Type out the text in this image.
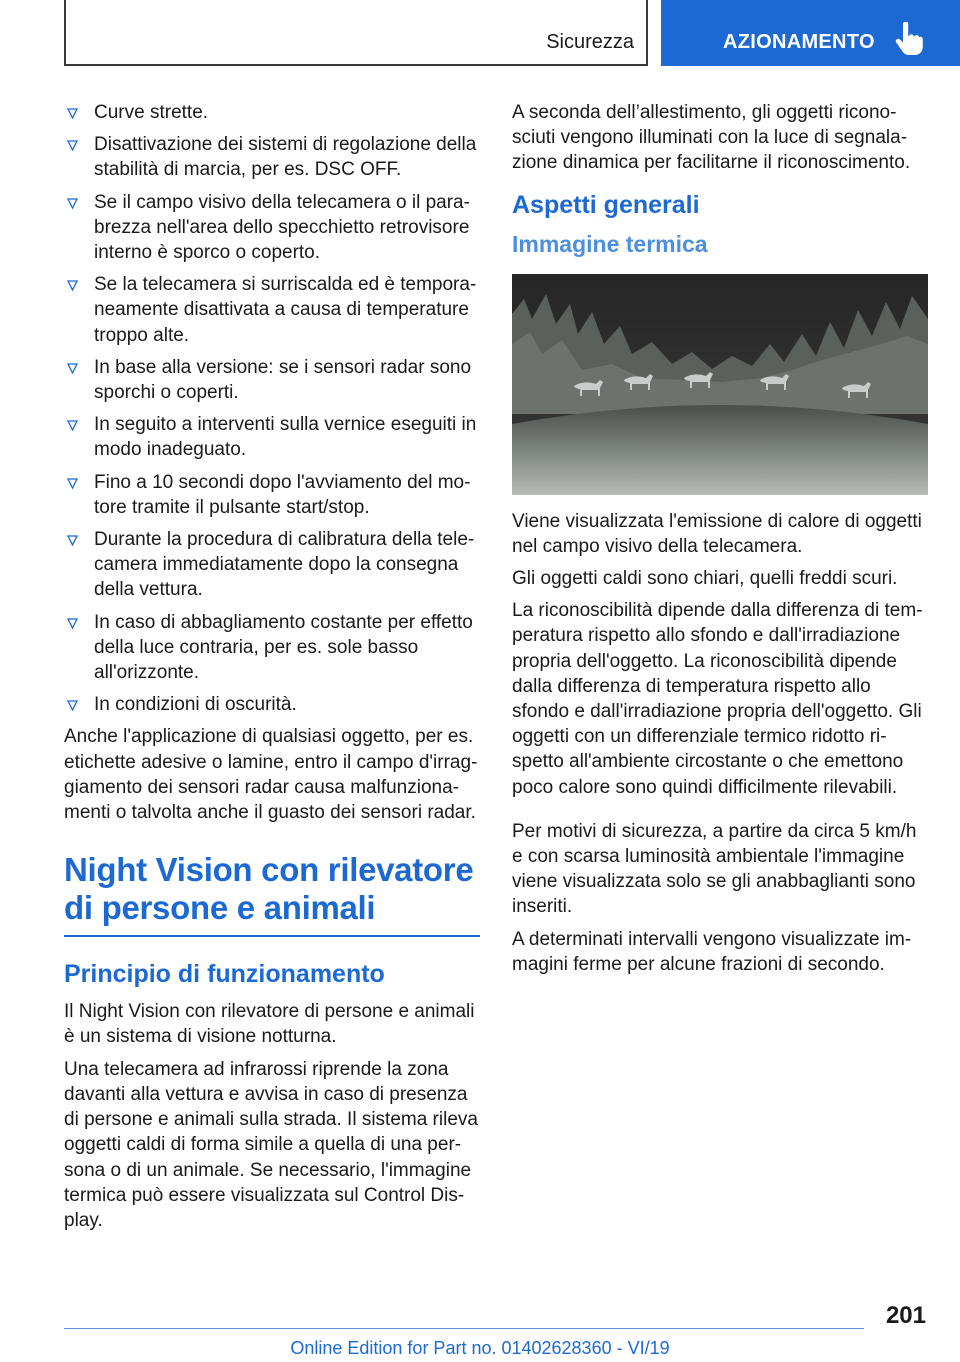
Sicurezza	AZIONAMENTO
Curve strette.
Disattivazione dei sistemi di regolazione della stabilità di marcia, per es. DSC OFF.
Se il campo visivo della telecamera o il parabrezza nell'area dello specchietto retrovisore interno è sporco o coperto.
Se la telecamera si surriscalda ed è temporaneamente disattivata a causa di temperature troppo alte.
In base alla versione: se i sensori radar sono sporchi o coperti.
In seguito a interventi sulla vernice eseguiti in modo inadeguato.
Fino a 10 secondi dopo l'avviamento del motore tramite il pulsante start/stop.
Durante la procedura di calibratura della telecamera immediatamente dopo la consegna della vettura.
In caso di abbagliamento costante per effetto della luce contraria, per es. sole basso all'orizzonte.
In condizioni di oscurità.

Anche l'applicazione di qualsiasi oggetto, per es. etichette adesive o lamine, entro il campo d'irraggiamento dei sensori radar causa malfunzionamenti o talvolta anche il guasto dei sensori radar.

Night Vision con rilevatore di persone e animali
Principio di funzionamento

Il Night Vision con rilevatore di persone e animali è un sistema di visione notturna.

Una telecamera ad infrarossi riprende la zona davanti alla vettura e avvisa in caso di presenza di persone e animali sulla strada. Il sistema rileva oggetti caldi di forma simile a quella di una persona o di un animale. Se necessario, l'immagine termica può essere visualizzata sul Control Display.

A seconda dell’allestimento, gli oggetti riconosciuti vengono illuminati con la luce di segnalazione dinamica per facilitarne il riconoscimento.

Aspetti generali
Immagine termica

Viene visualizzata l'emissione di calore di oggetti nel campo visivo della telecamera.

Gli oggetti caldi sono chiari, quelli freddi scuri.

La riconoscibilità dipende dalla differenza di temperatura rispetto allo sfondo e dall'irradiazione propria dell'oggetto. La riconoscibilità dipende dalla differenza di temperatura rispetto allo sfondo e dall'irradiazione propria dell'oggetto. Gli oggetti con un differenziale termico ridotto rispetto all'ambiente circostante o che emettono poco calore sono quindi difficilmente rilevabili.

Per motivi di sicurezza, a partire da circa 5 km/h e con scarsa luminosità ambientale l'immagine viene visualizzata solo se gli anabbaglianti sono inseriti.

A determinati intervalli vengono visualizzate immagini ferme per alcune frazioni di secondo.

201
Online Edition for Part no. 01402628360 - VI/19
